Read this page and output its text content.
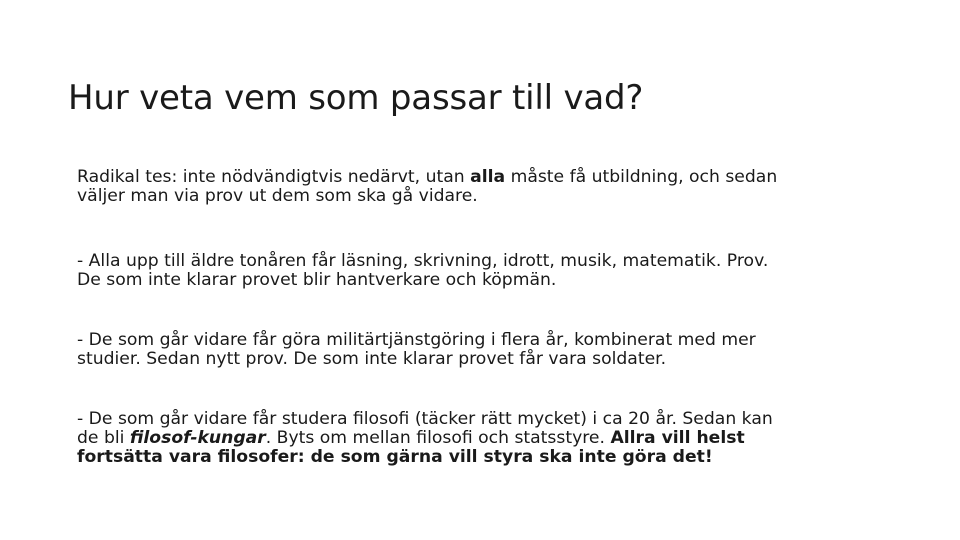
Hur veta vem som passar till vad?

Radikal tes: inte nödvändigtvis nedärvt, utan alla måste få utbildning, och sedan
väljer man via prov ut dem som ska gå vidare.

- Alla upp till äldre tonåren får läsning, skrivning, idrott, musik, matematik. Prov.
De som inte klarar provet blir hantverkare och köpmän.

- De som går vidare får göra militärtjänstgöring i flera år, kombinerat med mer
studier. Sedan nytt prov. De som inte klarar provet får vara soldater.

- De som går vidare får studera filosofi (täcker rätt mycket) i ca 20 år. Sedan kan
de bli filosof-kungar. Byts om mellan filosofi och statsstyre. Allra vill helst
fortsätta vara filosofer: de som gärna vill styra ska inte göra det!
